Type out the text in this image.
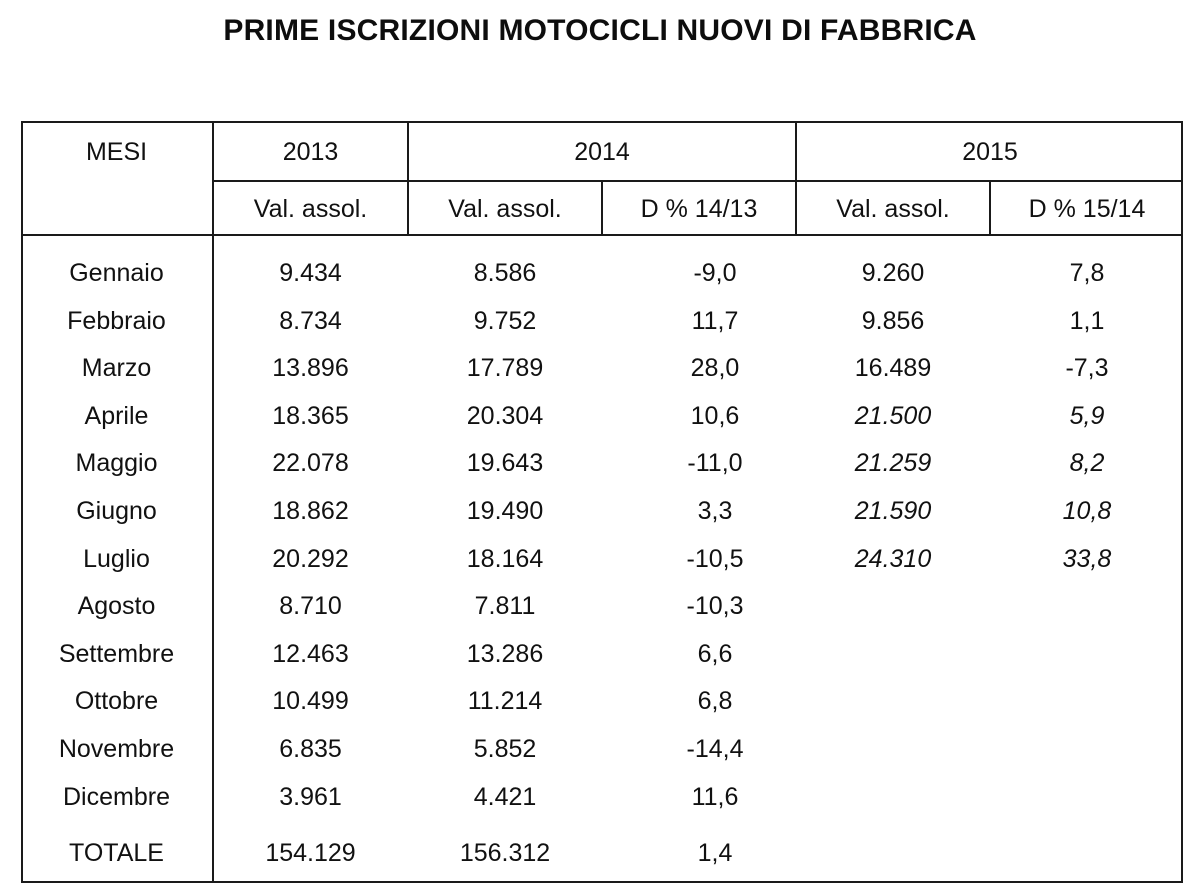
PRIME ISCRIZIONI MOTOCICLI NUOVI DI FABBRICA
MESI	2013	2014	2015
Val. assol.	Val. assol.	D % 14/13	Val. assol.	D % 15/14
Gennaio	9.434	8.586	-9,0	9.260	7,8
Febbraio	8.734	9.752	11,7	9.856	1,1
Marzo	13.896	17.789	28,0	16.489	-7,3
Aprile	18.365	20.304	10,6	21.500	5,9
Maggio	22.078	19.643	-11,0	21.259	8,2
Giugno	18.862	19.490	3,3	21.590	10,8
Luglio	20.292	18.164	-10,5	24.310	33,8
Agosto	8.710	7.811	-10,3
Settembre	12.463	13.286	6,6
Ottobre	10.499	11.214	6,8
Novembre	6.835	5.852	-14,4
Dicembre	3.961	4.421	11,6
TOTALE	154.129	156.312	1,4
